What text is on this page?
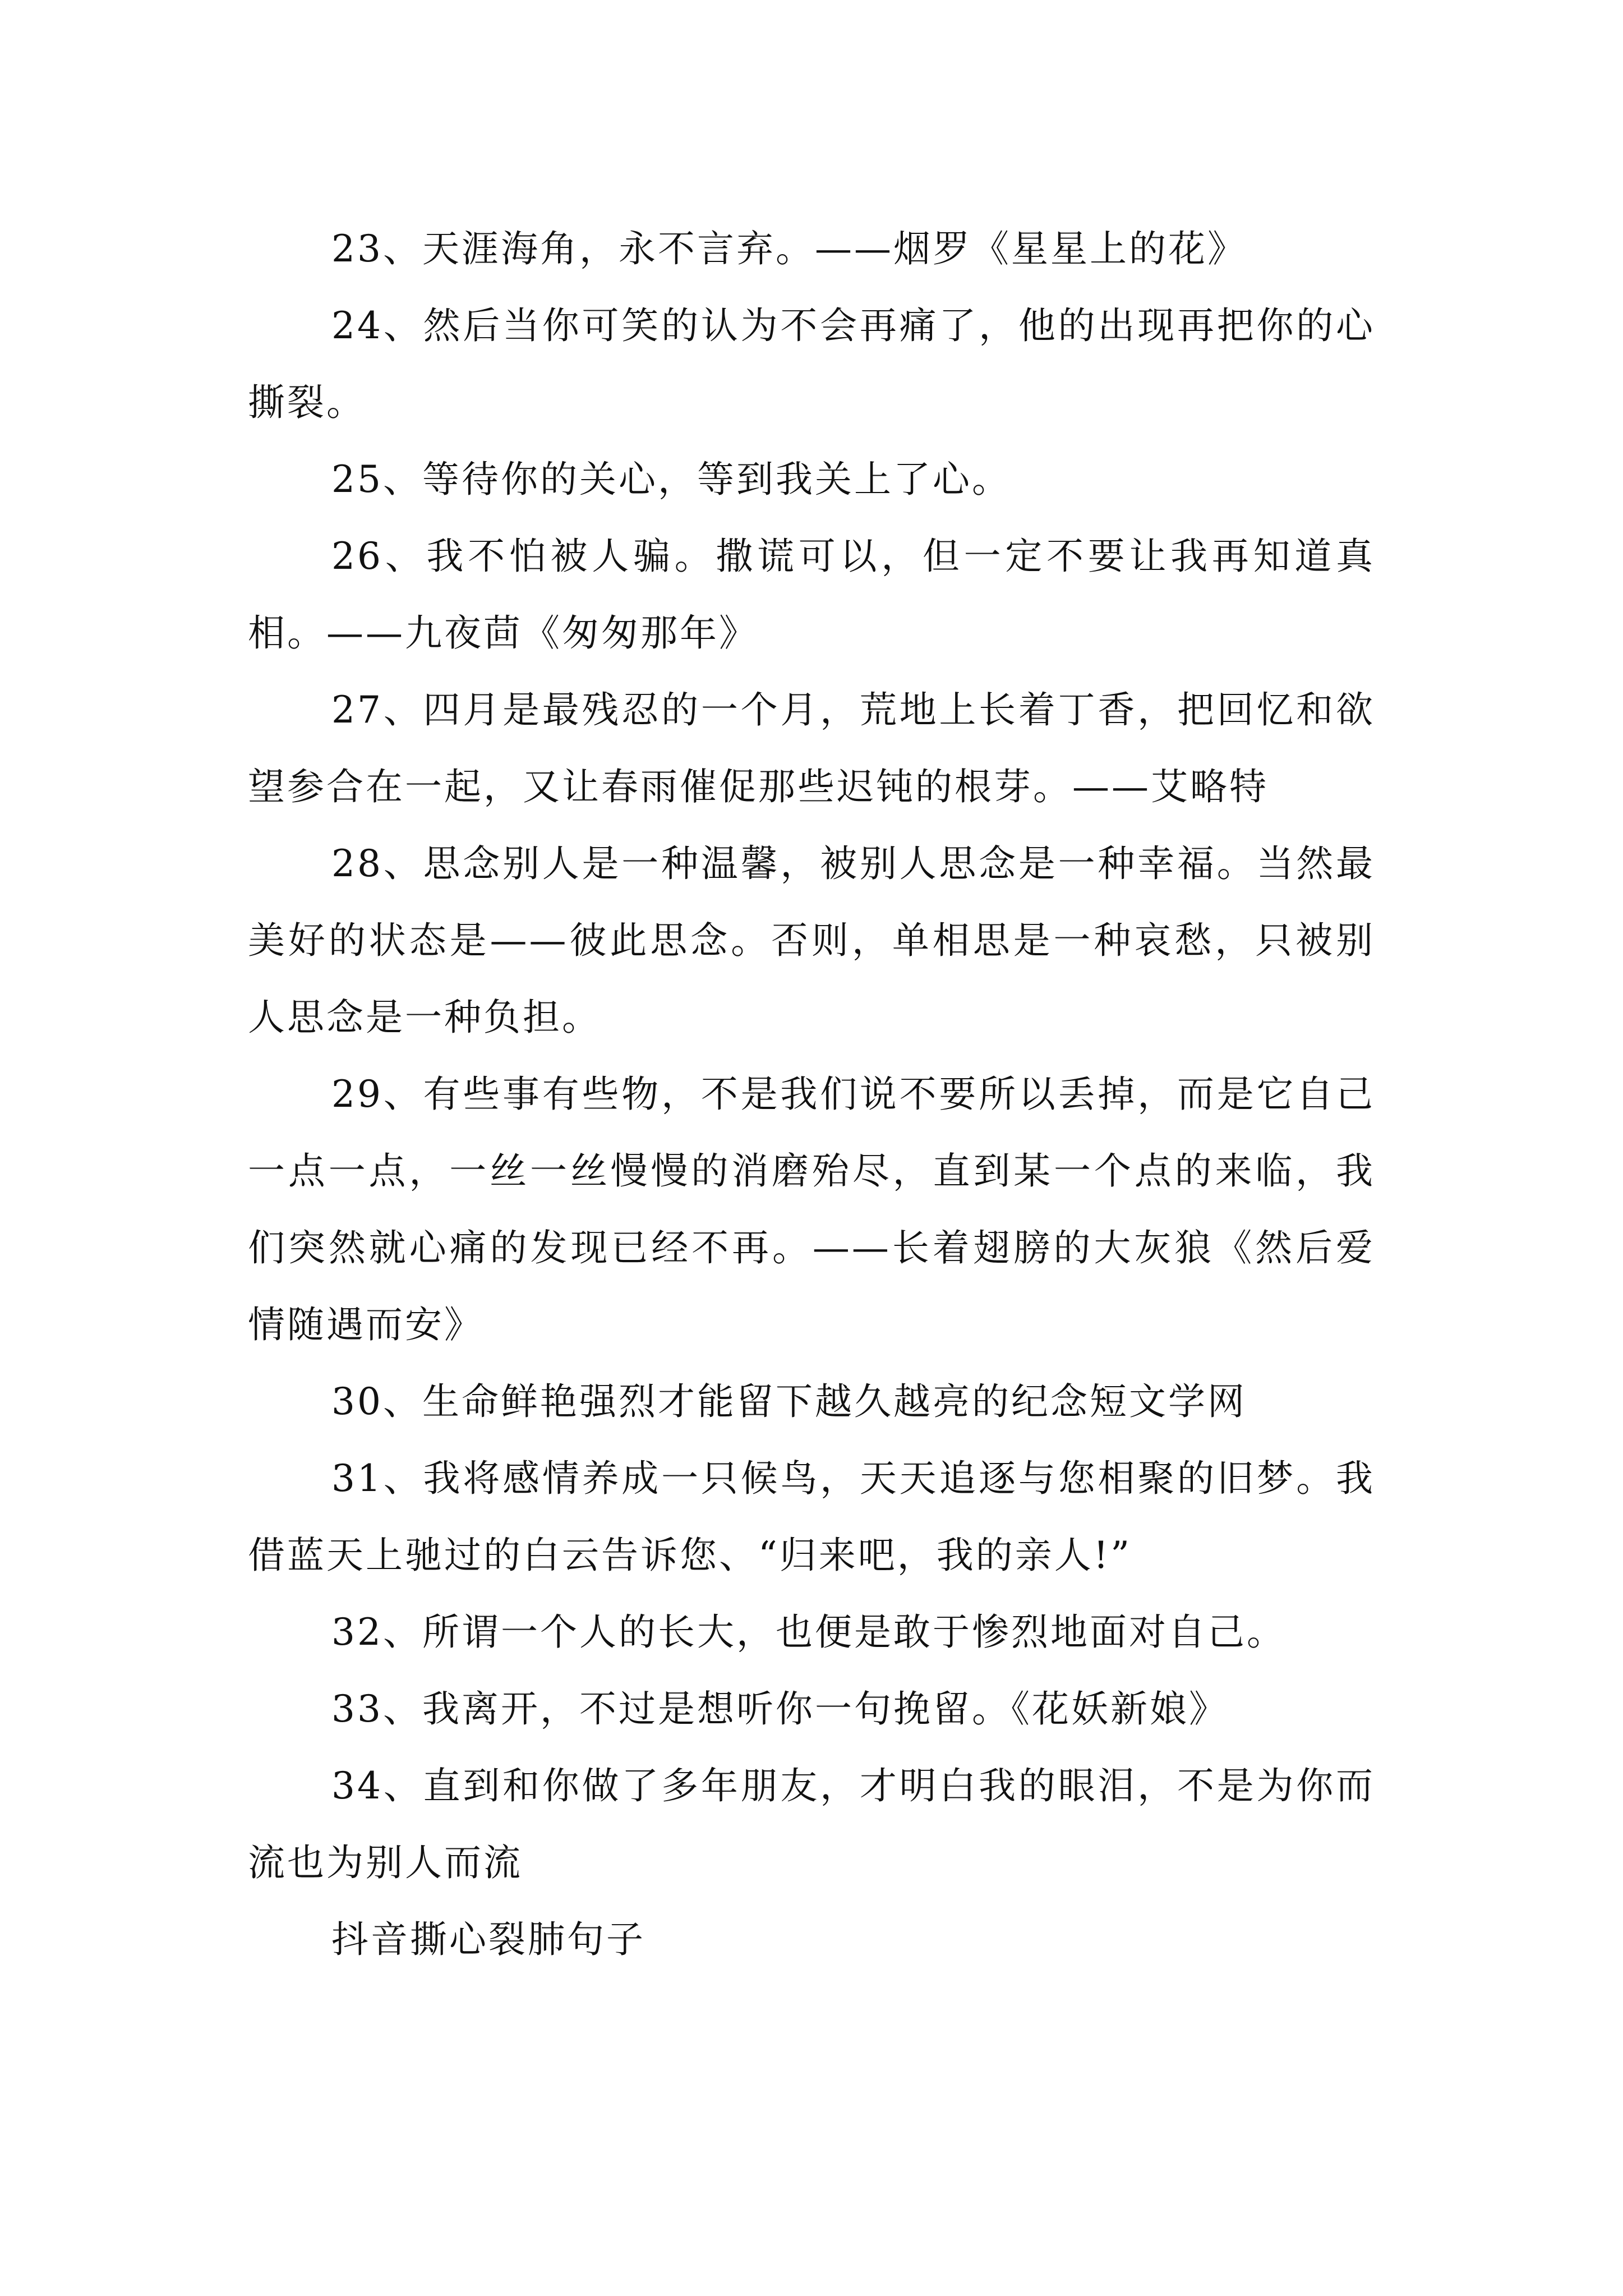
23、天涯海角，永不言弃。——烟罗《星星上的花》

24、然后当你可笑的认为不会再痛了，他的出现再把你的心撕裂。

25、等待你的关心，等到我关上了心。

26、我不怕被人骗。撒谎可以，但一定不要让我再知道真相。——九夜茴《匆匆那年》

27、四月是最残忍的一个月，荒地上长着丁香，把回忆和欲望参合在一起，又让春雨催促那些迟钝的根芽。——艾略特

28、思念别人是一种温馨，被别人思念是一种幸福。当然最美好的状态是——彼此思念。否则，单相思是一种哀愁，只被别人思念是一种负担。

29、有些事有些物，不是我们说不要所以丢掉，而是它自己一点一点，一丝一丝慢慢的消磨殆尽，直到某一个点的来临，我们突然就心痛的发现已经不再。——长着翅膀的大灰狼《然后爱情随遇而安》

30、生命鲜艳强烈才能留下越久越亮的纪念短文学网

31、我将感情养成一只候鸟，天天追逐与您相聚的旧梦。我借蓝天上驰过的白云告诉您、“归来吧，我的亲人!”

32、所谓一个人的长大，也便是敢于惨烈地面对自己。

33、我离开，不过是想听你一句挽留。《花妖新娘》

34、直到和你做了多年朋友，才明白我的眼泪，不是为你而流也为别人而流

抖音撕心裂肺句子
